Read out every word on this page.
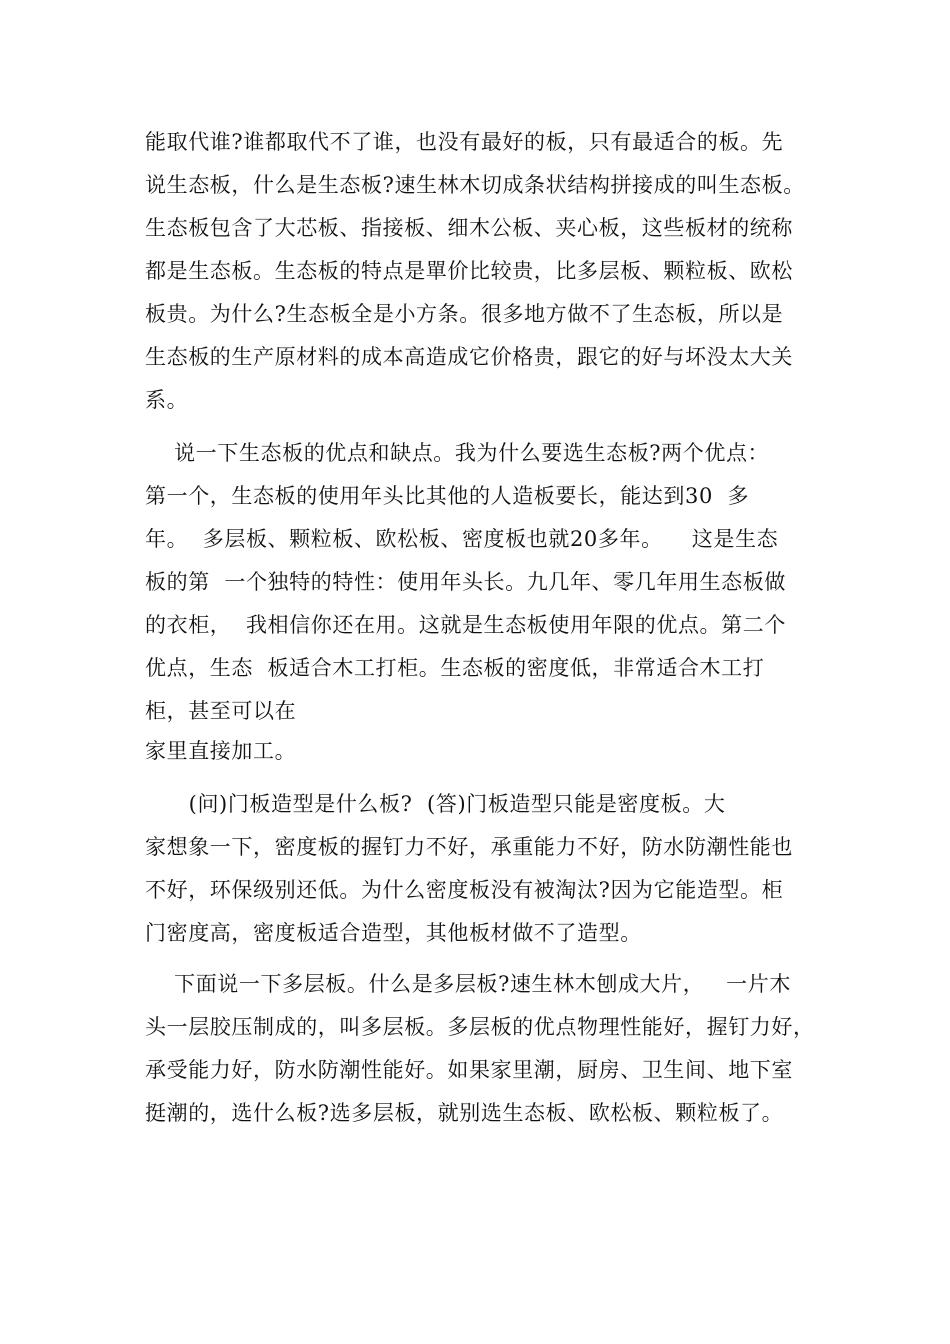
能取代谁?谁都取代不了谁，也没有最好的板，只有最适合的板。先
说生态板，什么是生态板?速生林木切成条状结构拼接成的叫生态板。
生态板包含了大芯板、指接板、细木公板、夹心板，这些板材的统称
都是生态板。生态板的特点是單价比较贵，比多层板、颗粒板、欧松
板贵。为什么?生态板全是小方条。很多地方做不了生态板，所以是
生态板的生产原材料的成本高造成它价格贵，跟它的好与坏没太大关
系。
说一下生态板的优点和缺点。我为什么要选生态板?两个优点：
第一个，生态板的使用年头比其他的人造板要长，能达到30  多
年。  多层板、颗粒板、欧松板、密度板也就20多年。    这是生态
板的第  一个独特的特性：使用年头长。九几年、零几年用生态板做
的衣柜，  我相信你还在用。这就是生态板使用年限的优点。第二个
优点，生态  板适合木工打柜。生态板的密度低，非常适合木工打
柜，甚至可以在
家里直接加工。
(问)门板造型是什么板?  (答)门板造型只能是密度板。大
家想象一下，密度板的握钉力不好，承重能力不好，防水防潮性能也
不好，环保级别还低。为什么密度板没有被淘汰?因为它能造型。柜
门密度高，密度板适合造型，其他板材做不了造型。
下面说一下多层板。什么是多层板?速生林木刨成大片，   一片木
头一层胶压制成的，叫多层板。多层板的优点物理性能好，握钉力好，
承受能力好，防水防潮性能好。如果家里潮，厨房、卫生间、地下室
挺潮的，选什么板?选多层板，就别选生态板、欧松板、颗粒板了。
